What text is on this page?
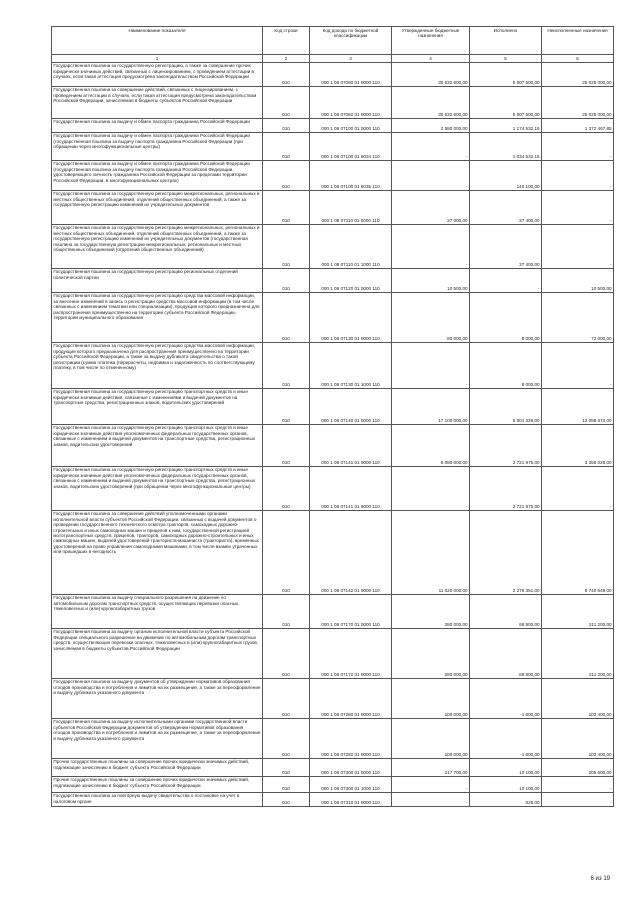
Наименование показателя	Код строки	Код дохода по бюджетной классификации	Утвержденные бюджетные назначения	Исполнено	Неисполненные назначения
1	2	3	4	5	6
Государственная пошлина за государственную регистрацию, а также за совершение прочих юридически значимых действий, связанных с лицензированием, с проведением аттестации в случаях, если такая аттестация предусмотрена законодательством Российской Федерации	010	000 1 08 07080 01 0000 110	30 532 600,00	5 507 500,00	25 025 000,00
Государственная пошлина за совершение действий, связанных с лицензированием, с проведением аттестации в случаях, если такая аттестация предусмотрена законодательством Российской Федерации, зачисляемая в бюджеты субъектов Российской Федерации	010	000 1 08 07082 01 0000 110	30 532 600,00	5 507 500,00	25 025 000,00
Государственная пошлина за выдачу и обмен паспорта гражданина Российской Федерации	010	000 1 08 07100 01 0000 110	2 580 000,00	1 174 532,15	1 372 467,85
Государственная пошлина за выдачу и обмен паспорта гражданина Российской Федерации (государственная пошлина за выдачу паспорта гражданина Российской Федерации (при обращении через многофункциональные центры)	010	000 1 08 07100 01 8034 110	-	1 034 532,15	-
Государственная пошлина за выдачу и обмен паспорта гражданина Российской Федерации (государственная пошлина за выдачу паспорта гражданина Российской Федерации, удостоверяющего личность гражданина Российской Федерации за пределами территории Российской Федерации, в многофункциональных центрах)	010	000 1 08 07100 01 8035 110	-	140 100,00	-
Государственная пошлина за государственную регистрацию межрегиональных, региональных и местных общественных объединений, отделений общественных объединений, а также за государственную регистрацию изменений их учредительных документов	010	000 1 08 07110 01 0000 110	27 000,00	37 400,00	-
Государственная пошлина за государственную регистрацию межрегиональных, региональных и местных общественных объединений, отделений общественных объединений, а также за государственную регистрацию изменений их учредительных документов (государственная пошлина за государственную регистрацию межрегиональных, региональных и местных общественных объединений (отделений общественных объединений)	010	000 1 08 07110 01 1000 110	-	37 400,00	-
Государственная пошлина за государственную регистрацию региональных отделений политической партии	010	000 1 08 07120 01 0000 110	10 500,00	-	10 500,00
Государственная пошлина за государственную регистрацию средства массовой информации, за внесение изменений в запись о регистрации средства массовой информации (в том числе связанных с изменением тематики или специализации), продукция которого предназначена для распространения преимущественно на территории субъекта Российской Федерации, территории муниципального образования	010	000 1 08 07130 01 0000 110	80 000,00	8 000,00	72 000,00
Государственная пошлина за государственную регистрацию средства массовой информации, продукция которого предназначена для распространения преимущественно на территории субъекта Российской Федерации, а также за выдачу дубликата свидетельства о такой регистрации (сумма платежа (перерасчеты, недоимка и задолженность по соответствующему платежу, в том числе по отмененному)	010	000 1 08 07130 01 1000 110	-	8 000,00	-
Государственная пошлина за государственную регистрацию транспортных средств и иные юридически значимые действия, связанные с изменениями и выдачей документов на транспортные средства, регистрационных знаков, водительских удостоверений	010	000 1 08 07140 01 0000 110	17 100 000,00	5 001 326,00	12 098 674,00
Государственная пошлина за государственную регистрацию транспортных средств и иные юридически значимые действия уполномоченных федеральных государственных органов, связанные с изменением и выдачей документов на транспортные средства, регистрационных знаков, водительских удостоверений	010	000 1 08 07141 01 0000 110	6 080 000,00	2 721 975,00	3 358 025,00
Государственная пошлина за государственную регистрацию транспортных средств и иные юридически значимые действия уполномоченных федеральных государственных органов, связанные с изменением и выдачей документов на транспортные средства, регистрационных знаков, водительских удостоверений (при обращении через многофункциональные центры)	010	000 1 08 07141 01 8000 110	-	2 721 975,00	-
Государственная пошлина за совершение действий уполномоченными органами исполнительной власти субъектов Российской Федерации, связанных с выдачей документов о проведении государственного технического осмотра тракторов, самоходных дорожно-строительных и иных самоходных машин и прицепов к ним, государственной регистрацией мототранспортных средств, прицепов, тракторов, самоходных дорожно-строительных и иных самоходных машин, выдачей удостоверений тракториста-машиниста (тракториста), временных удостоверений на право управления самоходными машинами, в том числе взамен утраченных или пришедших в негодность	010	000 1 08 07142 01 0000 110	11 020 000,00	2 279 351,00	8 740 649,00
Государственная пошлина за выдачу специального разрешения на движение по автомобильным дорогам транспортных средств, осуществляющих перевозки опасных, тяжеловесных и (или) крупногабаритных грузов	010	000 1 08 07170 01 0000 110	280 000,00	68 800,00	211 200,00
Государственная пошлина за выдачу органом исполнительной власти субъекта Российской Федерации специального разрешения на движение по автомобильным дорогам транспортных средств, осуществляющих перевозки опасных, тяжеловесных и (или) крупногабаритных грузов, зачисляемая в бюджеты субъектов Российской Федерации	010	000 1 08 07172 01 0000 110	280 000,00	68 800,00	211 200,00
Государственная пошлина за выдачу документов об утверждении нормативов образования отходов производства и потребления и лимитов на их размещение, а также за переоформление и выдачу дубликата указанного документа	010	000 1 08 07280 01 0000 110	100 000,00	-1 600,00	102 400,00
Государственная пошлина за выдачу исполнительными органами государственной власти субъектов Российской Федерации документов об утверждении нормативов образования отходов производства и потребления и лимитов на их размещение, а также за переоформление и выдачу дубликата указанного документа	010	000 1 08 07282 01 0000 110	100 000,00	-1 600,00	102 400,00
Прочие государственные пошлины за совершение прочих юридически значимых действий, подлежащие зачислению в бюджет субъекта Российской Федерации	010	000 1 08 07300 01 0000 110	217 700,00	12 100,00	205 600,00
Прочие государственные пошлины за совершение прочих юридически значимых действий, подлежащие зачислению в бюджет субъекта Российской Федерации	010	000 1 08 07300 01 1000 110	-	12 100,00	-
Государственная пошлина за повторную выдачу свидетельства о постановке на учет в налоговом органе	010	000 1 08 07310 01 0000 110	-	525,00	-
6 из 19
